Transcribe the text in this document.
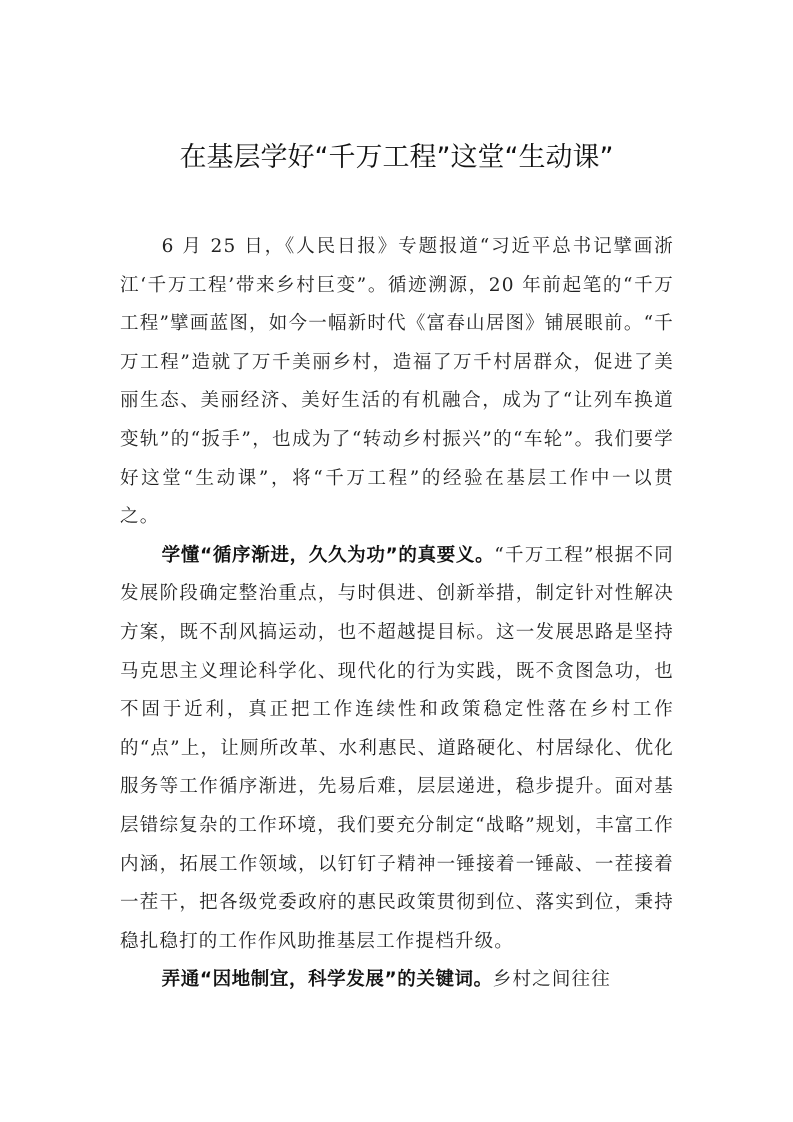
在基层学好“千万工程”这堂“生动课”

6 月 25 日，《人民日报》专题报道“习近平总书记擘画浙江‘千万工程’带来乡村巨变”。循迹溯源，20 年前起笔的“千万工程”擘画蓝图，如今一幅新时代《富春山居图》铺展眼前。“千万工程”造就了万千美丽乡村，造福了万千村居群众，促进了美丽生态、美丽经济、美好生活的有机融合，成为了“让列车换道变轨”的“扳手”，也成为了“转动乡村振兴”的“车轮”。我们要学好这堂“生动课”，将“千万工程”的经验在基层工作中一以贯之。

学懂“循序渐进，久久为功”的真要义。“千万工程”根据不同发展阶段确定整治重点，与时俱进、创新举措，制定针对性解决方案，既不刮风搞运动，也不超越提目标。这一发展思路是坚持马克思主义理论科学化、现代化的行为实践，既不贪图急功，也不固于近利，真正把工作连续性和政策稳定性落在乡村工作的“点”上，让厕所改革、水利惠民、道路硬化、村居绿化、优化服务等工作循序渐进，先易后难，层层递进，稳步提升。面对基层错综复杂的工作环境，我们要充分制定“战略”规划，丰富工作内涵，拓展工作领域，以钉钉子精神一锤接着一锤敲、一茬接着一茬干，把各级党委政府的惠民政策贯彻到位、落实到位，秉持稳扎稳打的工作作风助推基层工作提档升级。

弄通“因地制宜，科学发展”的关键词。乡村之间往往
